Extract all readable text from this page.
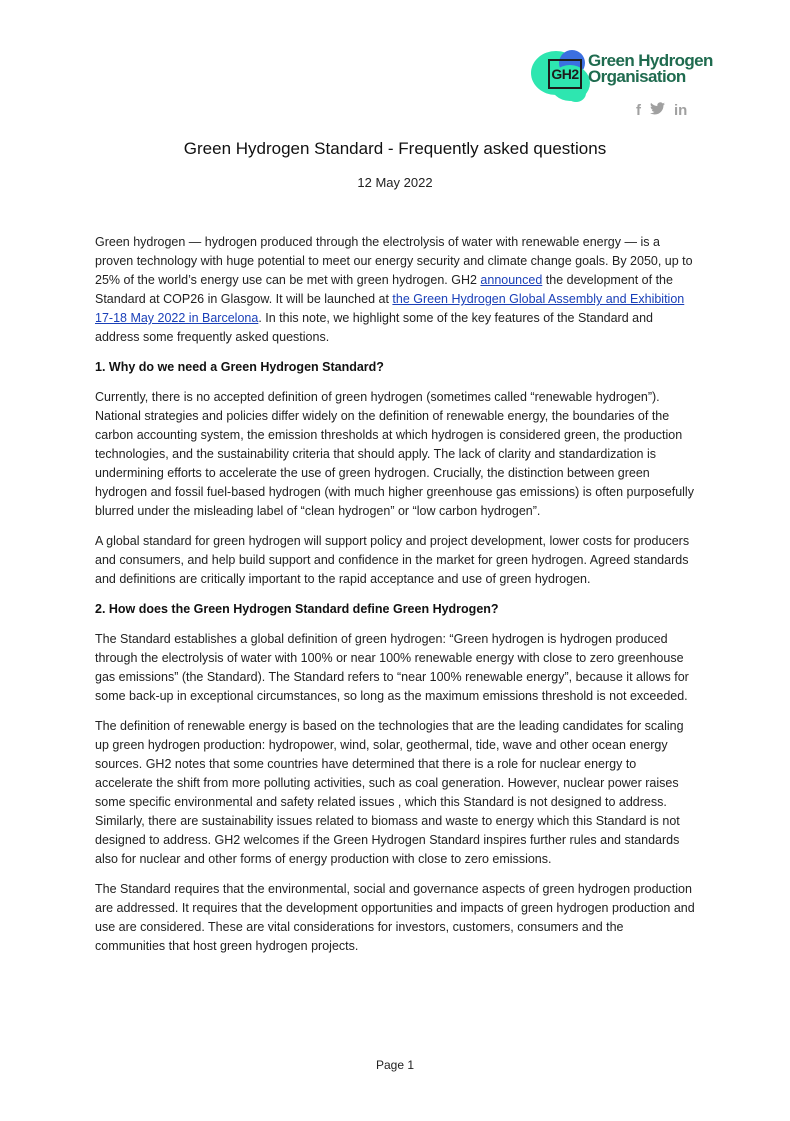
GH2
Green Hydrogen
Organisation
f in
Green Hydrogen Standard - Frequently asked questions
12 May 2022

Green hydrogen — hydrogen produced through the electrolysis of water with renewable energy — is a proven technology with huge potential to meet our energy security and climate change goals. By 2050, up to 25% of the world’s energy use can be met with green hydrogen. GH2 announced the development of the Standard at COP26 in Glasgow. It will be launched at the Green Hydrogen Global Assembly and Exhibition 17-18 May 2022 in Barcelona. In this note, we highlight some of the key features of the Standard and address some frequently asked questions.

1. Why do we need a Green Hydrogen Standard?

Currently, there is no accepted definition of green hydrogen (sometimes called “renewable hydrogen”). National strategies and policies differ widely on the definition of renewable energy, the boundaries of the carbon accounting system, the emission thresholds at which hydrogen is considered green, the production technologies, and the sustainability criteria that should apply. The lack of clarity and standardization is undermining efforts to accelerate the use of green hydrogen. Crucially, the distinction between green hydrogen and fossil fuel-based hydrogen (with much higher greenhouse gas emissions) is often purposefully blurred under the misleading label of “clean hydrogen” or “low carbon hydrogen”.

A global standard for green hydrogen will support policy and project development, lower costs for producers and consumers, and help build support and confidence in the market for green hydrogen. Agreed standards and definitions are critically important to the rapid acceptance and use of green hydrogen.

2. How does the Green Hydrogen Standard define Green Hydrogen?

The Standard establishes a global definition of green hydrogen: “Green hydrogen is hydrogen produced through the electrolysis of water with 100% or near 100% renewable energy with close to zero greenhouse gas emissions” (the Standard). The Standard refers to “near 100% renewable energy”, because it allows for some back-up in exceptional circumstances, so long as the maximum emissions threshold is not exceeded.

The definition of renewable energy is based on the technologies that are the leading candidates for scaling up green hydrogen production: hydropower, wind, solar, geothermal, tide, wave and other ocean energy sources. GH2 notes that some countries have determined that there is a role for nuclear energy to accelerate the shift from more polluting activities, such as coal generation. However, nuclear power raises some specific environmental and safety related issues , which this Standard is not designed to address. Similarly, there are sustainability issues related to biomass and waste to energy which this Standard is not designed to address. GH2 welcomes if the Green Hydrogen Standard inspires further rules and standards also for nuclear and other forms of energy production with close to zero emissions.

The Standard requires that the environmental, social and governance aspects of green hydrogen production are addressed. It requires that the development opportunities and impacts of green hydrogen production and use are considered. These are vital considerations for investors, customers, consumers and the communities that host green hydrogen projects.

Page 1
